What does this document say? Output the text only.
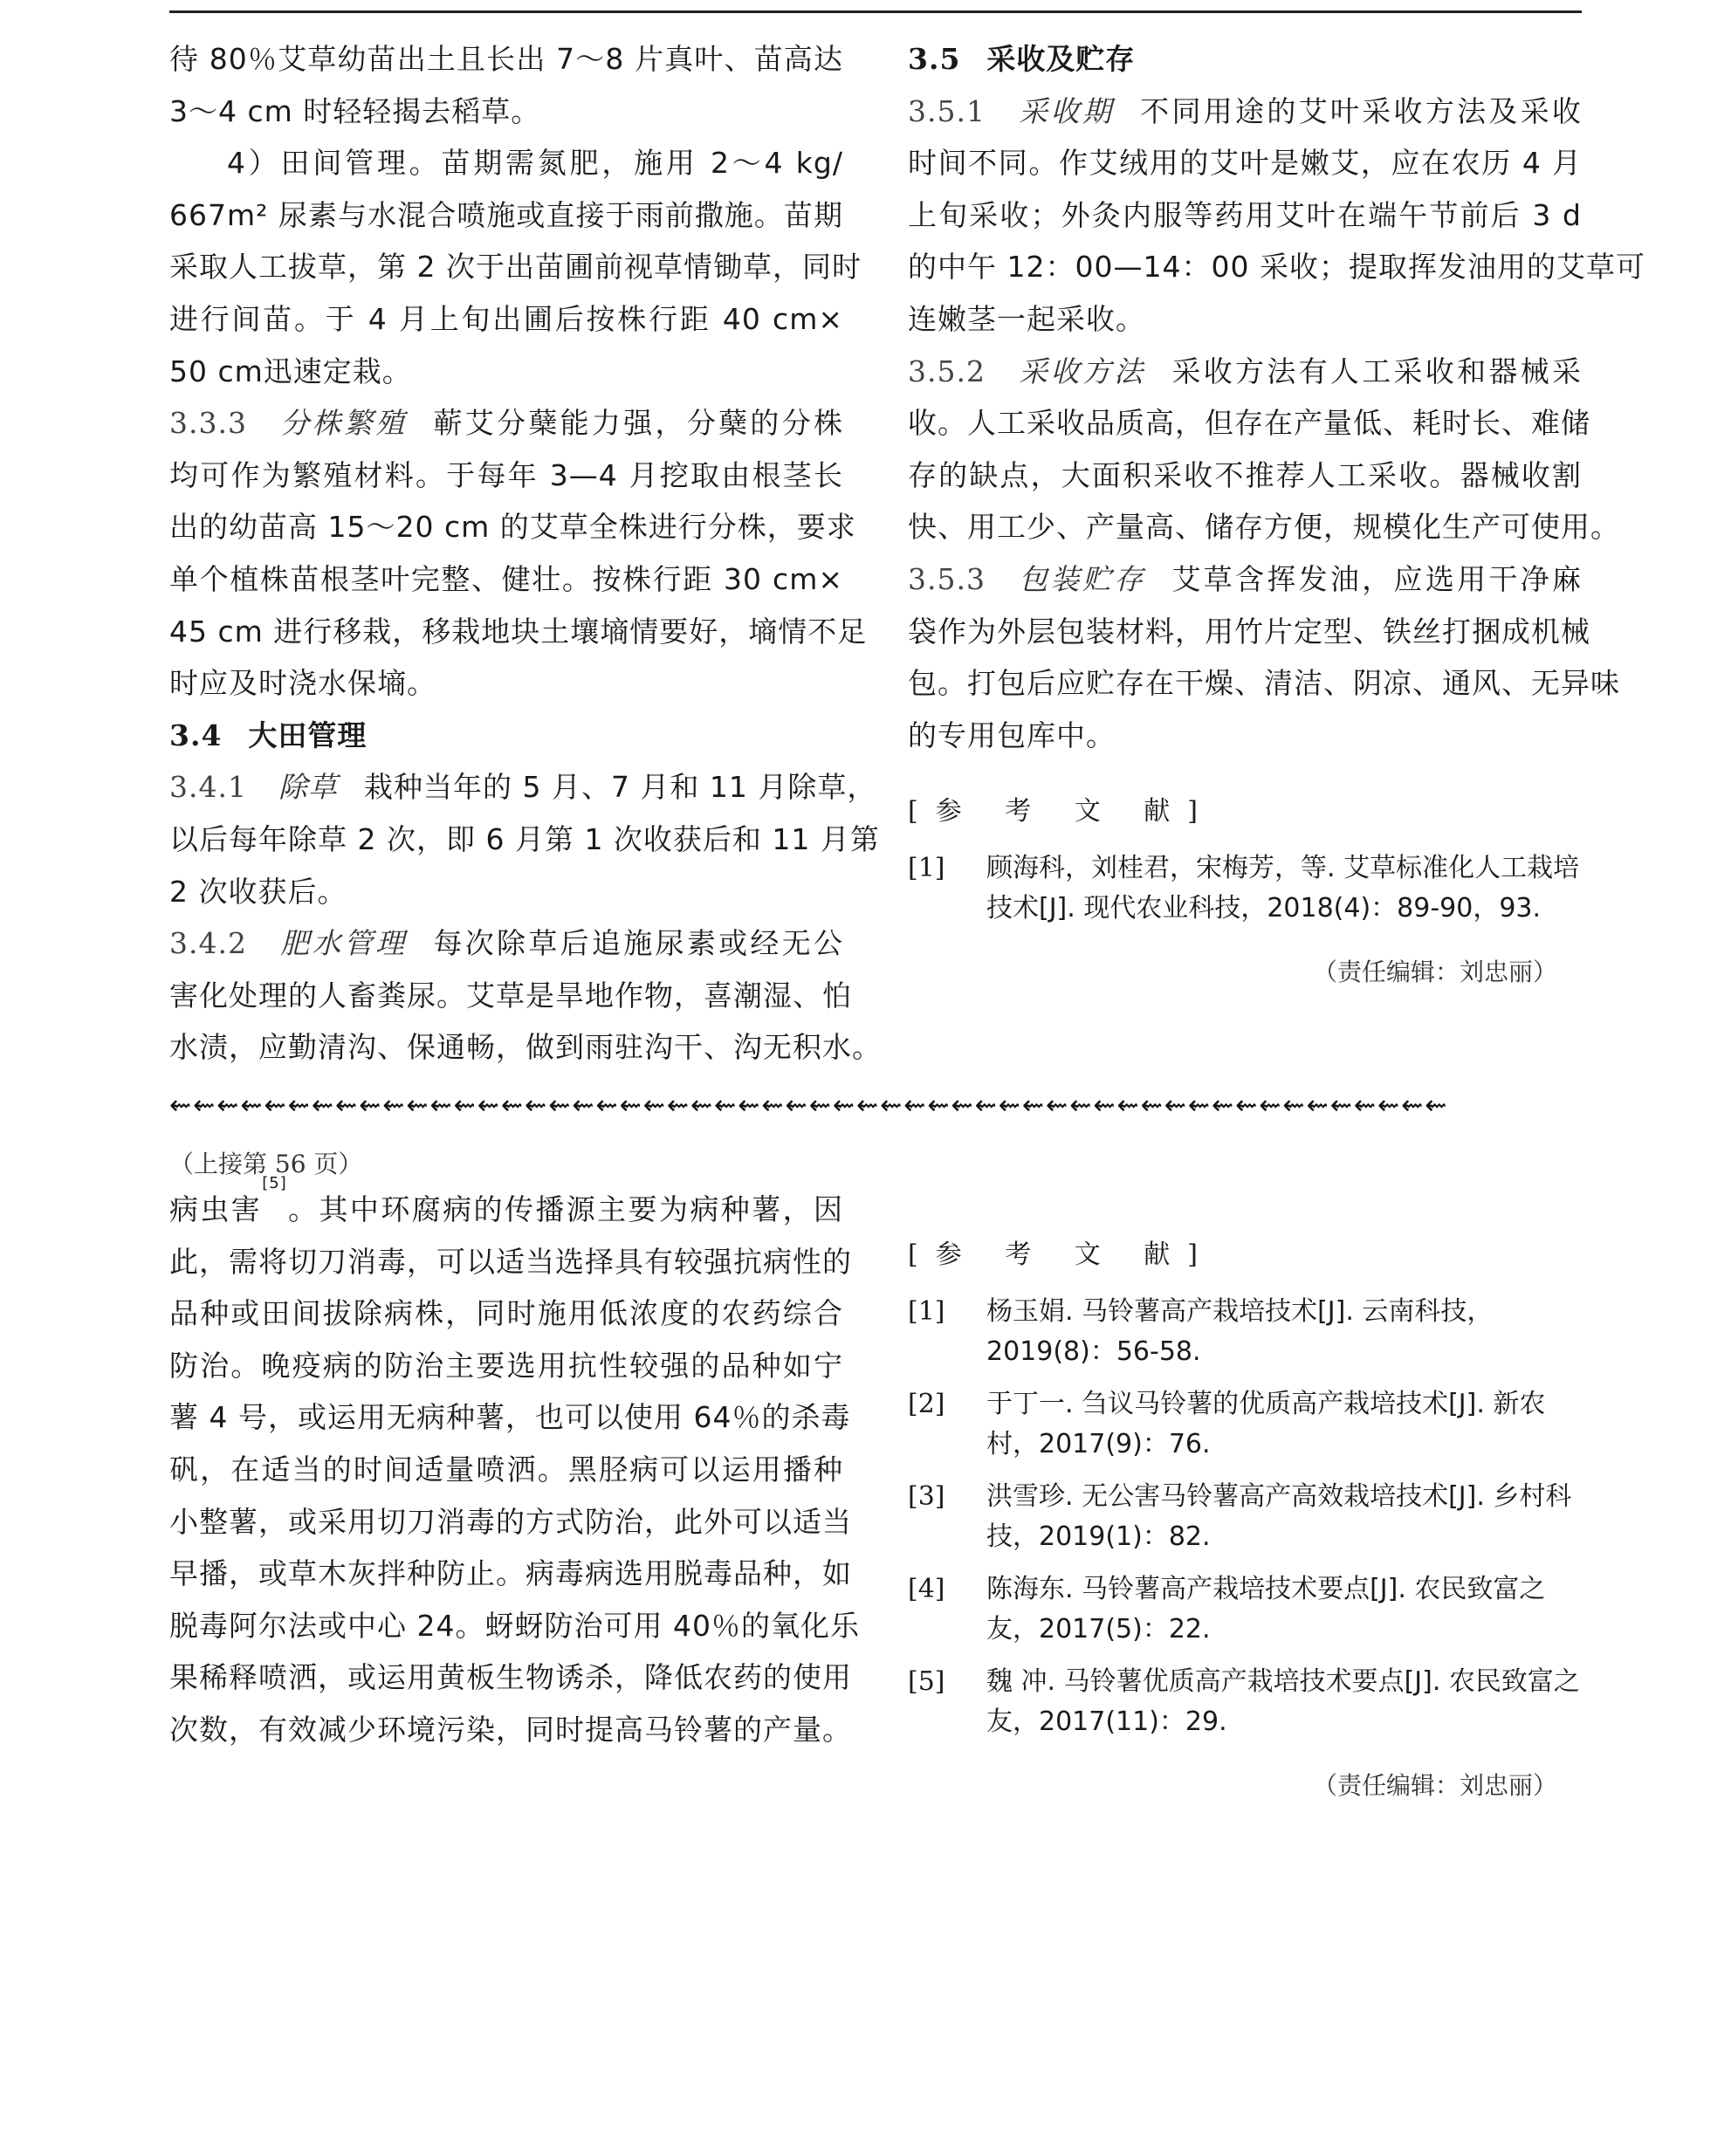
待 80％艾草幼苗出土且长出 7～8 片真叶、苗高达
3～4 cm 时轻轻揭去稻草。
4）田间管理。苗期需氮肥，施用 2～4 kg/
667m² 尿素与水混合喷施或直接于雨前撒施。苗期
采取人工拔草，第 2 次于出苗圃前视草情锄草，同时
进行间苗。于 4 月上旬出圃后按株行距 40 cm×
50 cm迅速定栽。
3.3.3 分株繁殖 蕲艾分蘖能力强，分蘖的分株
均可作为繁殖材料。于每年 3—4 月挖取由根茎长
出的幼苗高 15～20 cm 的艾草全株进行分株，要求
单个植株苗根茎叶完整、健壮。按株行距 30 cm×
45 cm 进行移栽，移栽地块土壤墒情要好，墒情不足
时应及时浇水保墒。
3.4 大田管理
3.4.1 除草 栽种当年的 5 月、7 月和 11 月除草，
以后每年除草 2 次，即 6 月第 1 次收获后和 11 月第
2 次收获后。
3.4.2 肥水管理 每次除草后追施尿素或经无公
害化处理的人畜粪尿。艾草是旱地作物，喜潮湿、怕
水渍，应勤清沟、保通畅，做到雨驻沟干、沟无积水。
3.5 采收及贮存
3.5.1 采收期 不同用途的艾叶采收方法及采收
时间不同。作艾绒用的艾叶是嫩艾，应在农历 4 月
上旬采收；外灸内服等药用艾叶在端午节前后 3 d
的中午 12：00—14：00 采收；提取挥发油用的艾草可
连嫩茎一起采收。
3.5.2 采收方法 采收方法有人工采收和器械采
收。人工采收品质高，但存在产量低、耗时长、难储
存的缺点，大面积采收不推荐人工采收。器械收割
快、用工少、产量高、储存方便，规模化生产可使用。
3.5.3 包装贮存 艾草含挥发油，应选用干净麻
袋作为外层包装材料，用竹片定型、铁丝打捆成机械
包。打包后应贮存在干燥、清洁、阴凉、通风、无异味
的专用包库中。
[参 考 文 献]
[1] 顾海科，刘桂君，宋梅芳，等. 艾草标准化人工栽培技术[J]. 现代农业科技，2018(4)：89-90，93.
（责任编辑：刘忠丽）
⇜⇜⇜⇜⇜⇜⇜⇜⇜⇜⇜⇜⇜⇜⇜⇜⇜⇜⇜⇜⇜⇜⇜⇜⇜⇜⇜⇜⇜⇜⇜⇜⇜⇜⇜⇜⇜⇜⇜⇜⇜⇜⇜⇜⇜⇜⇜⇜⇜⇜⇜⇜⇜⇜
（上接第 56 页）
病虫害[5]。其中环腐病的传播源主要为病种薯，因
此，需将切刀消毒，可以适当选择具有较强抗病性的
品种或田间拔除病株，同时施用低浓度的农药综合
防治。晚疫病的防治主要选用抗性较强的品种如宁
薯 4 号，或运用无病种薯，也可以使用 64％的杀毒
矾，在适当的时间适量喷洒。黑胫病可以运用播种
小整薯，或采用切刀消毒的方式防治，此外可以适当
早播，或草木灰拌种防止。病毒病选用脱毒品种，如
脱毒阿尔法或中心 24。蚜蚜防治可用 40％的氧化乐
果稀释喷洒，或运用黄板生物诱杀，降低农药的使用
次数，有效减少环境污染，同时提高马铃薯的产量。
[参 考 文 献]
[1] 杨玉娟. 马铃薯高产栽培技术[J]. 云南科技，2019(8)：56-58.
[2] 于丁一. 刍议马铃薯的优质高产栽培技术[J]. 新农村，2017(9)：76.
[3] 洪雪珍. 无公害马铃薯高产高效栽培技术[J]. 乡村科技，2019(1)：82.
[4] 陈海东. 马铃薯高产栽培技术要点[J]. 农民致富之友，2017(5)：22.
[5] 魏 冲. 马铃薯优质高产栽培技术要点[J]. 农民致富之友，2017(11)：29.
（责任编辑：刘忠丽）
